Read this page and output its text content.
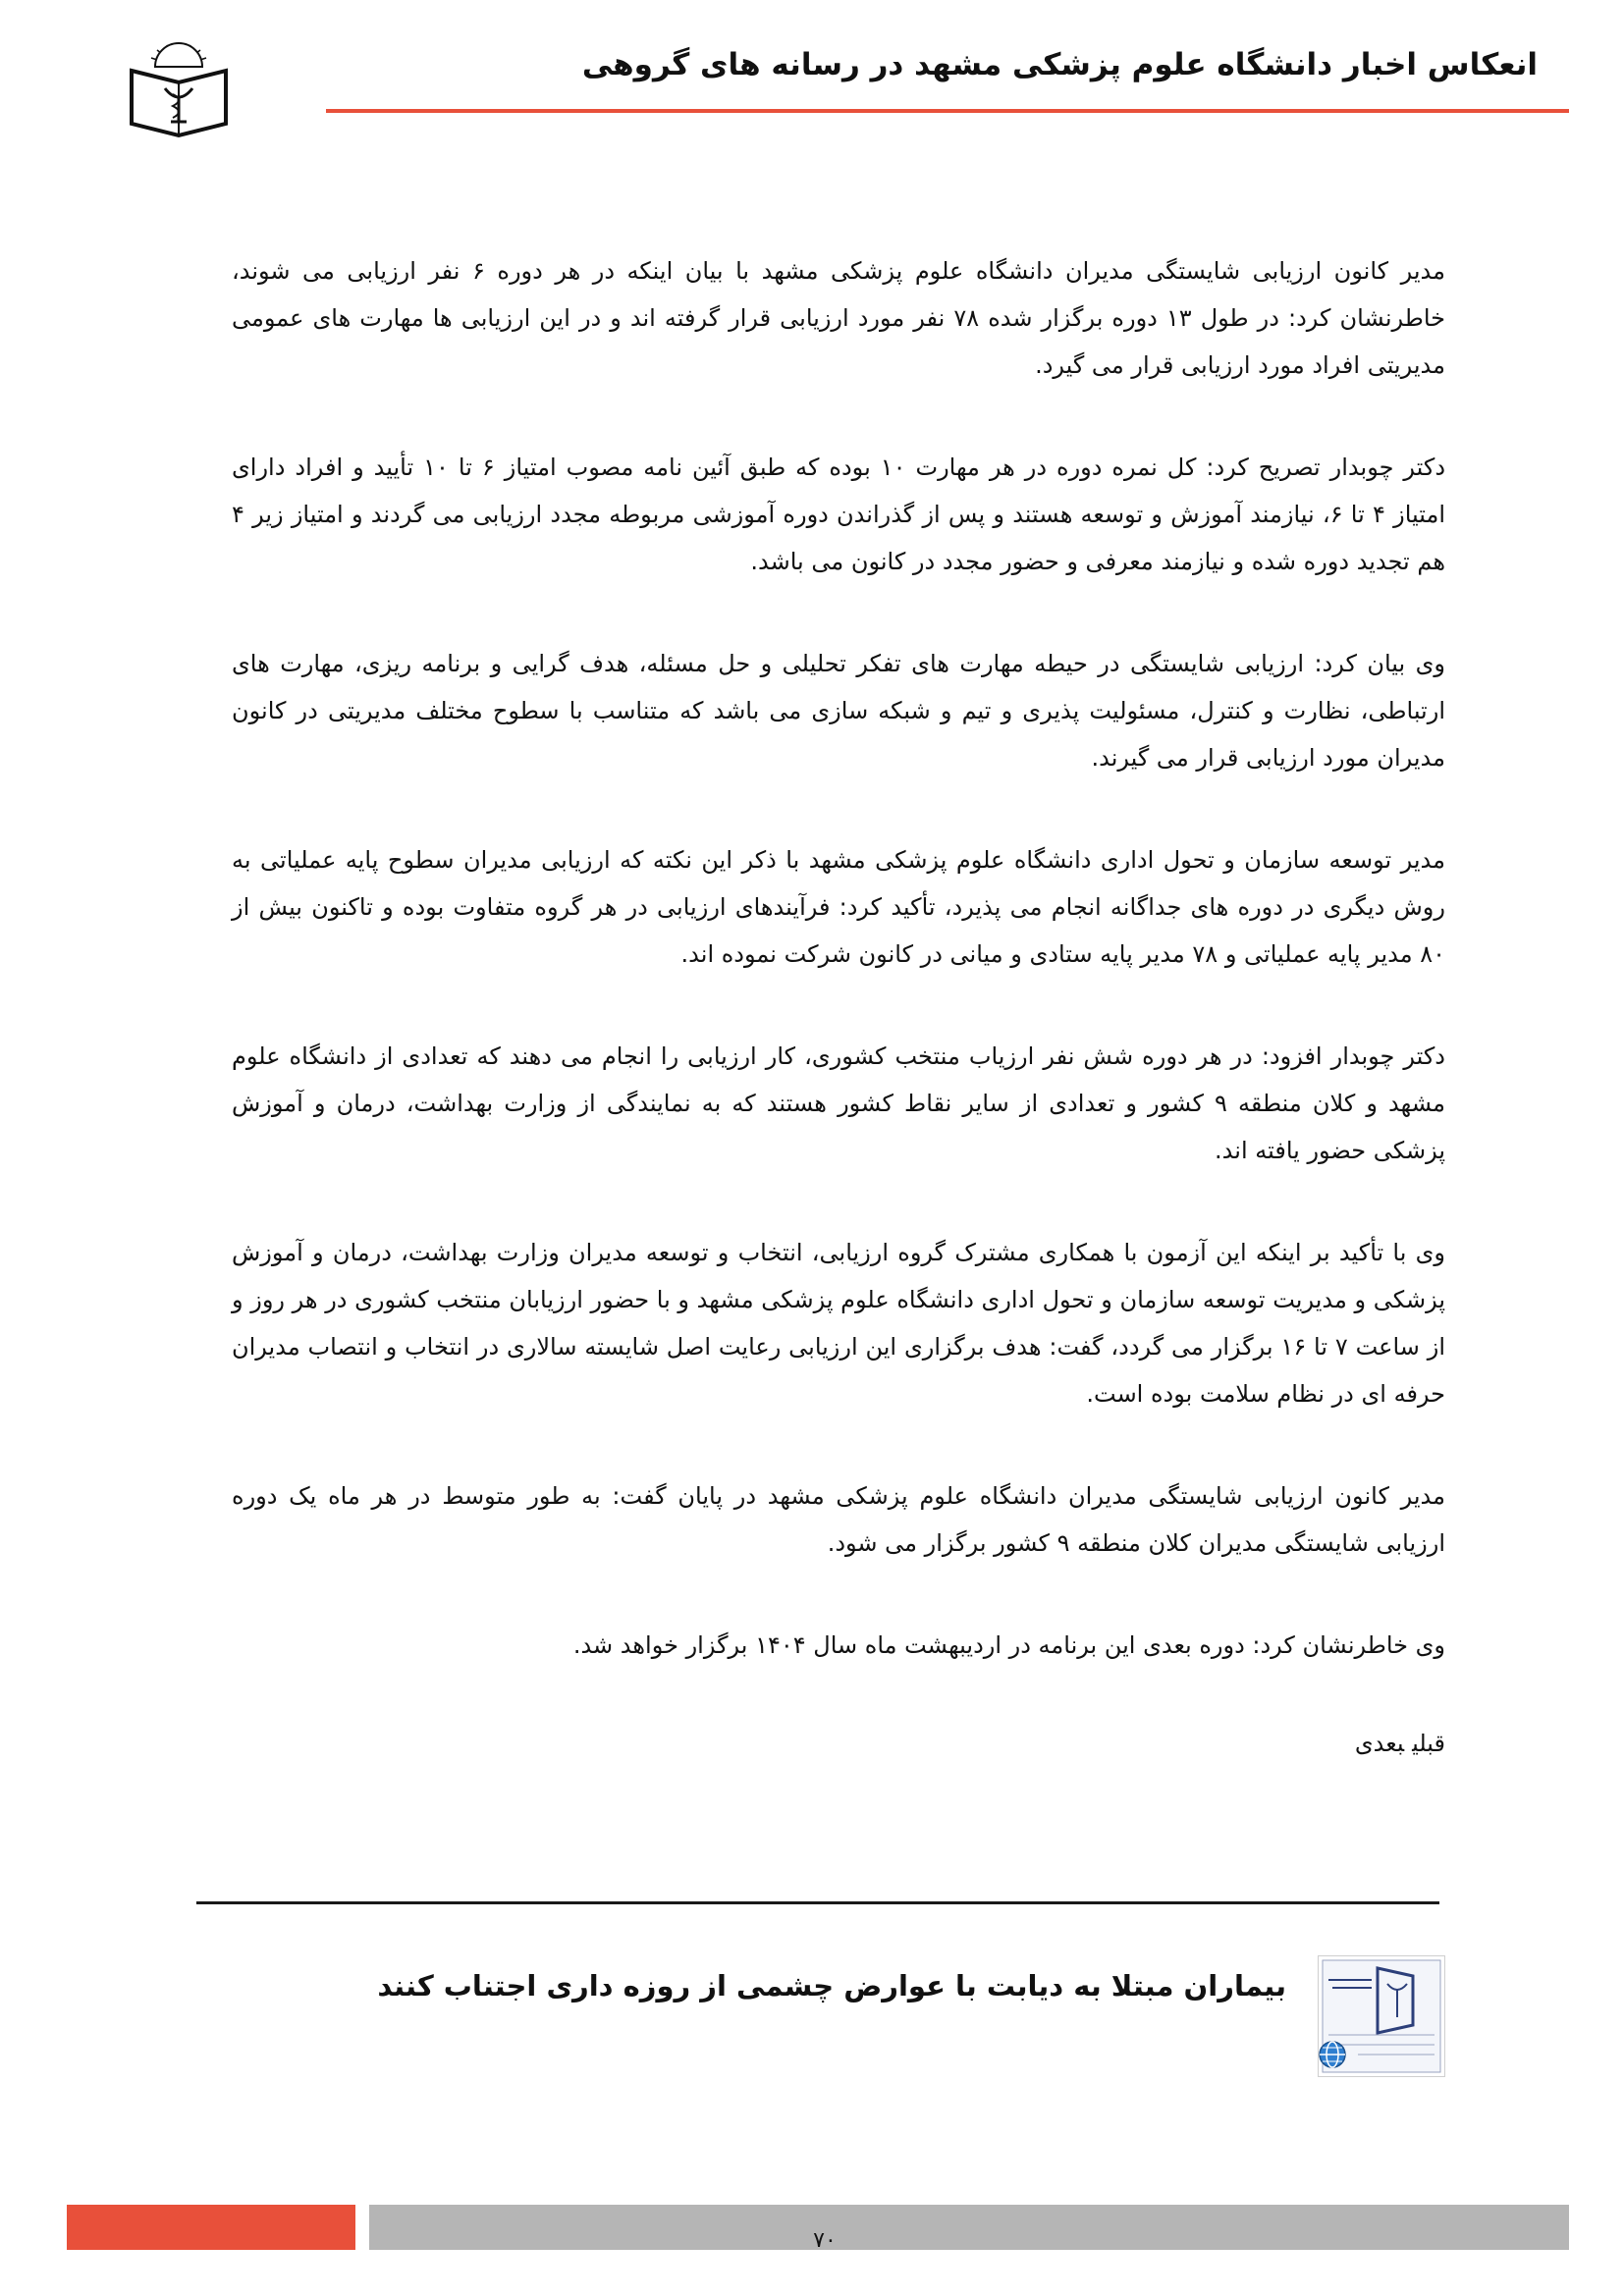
انعکاس اخبار دانشگاه علوم پزشکی مشهد در رسانه های گروهی

مدیر کانون ارزیابی شایستگی مدیران دانشگاه علوم پزشکی مشهد با بیان اینکه در هر دوره ۶ نفر ارزیابی می شوند، خاطرنشان کرد: در طول ۱۳ دوره برگزار شده ۷۸ نفر مورد ارزیابی قرار گرفته اند و در این ارزیابی ها مهارت های عمومی مدیریتی افراد مورد ارزیابی قرار می گیرد.

دکتر چوبدار تصریح کرد: کل نمره دوره در هر مهارت ۱۰ بوده که طبق آئین نامه مصوب امتیاز ۶ تا ۱۰ تأیید و افراد دارای امتیاز ۴ تا ۶، نیازمند آموزش و توسعه هستند و پس از گذراندن دوره آموزشی مربوطه مجدد ارزیابی می گردند و امتیاز زیر ۴ هم تجدید دوره شده و نیازمند معرفی و حضور مجدد در کانون می باشد.

وی بیان کرد: ارزیابی شایستگی در حیطه مهارت های تفکر تحلیلی و حل مسئله، هدف گرایی و برنامه ریزی، مهارت های ارتباطی، نظارت و کنترل، مسئولیت پذیری و تیم و شبکه سازی می باشد که متناسب با سطوح مختلف مدیریتی در کانون مدیران مورد ارزیابی قرار می گیرند.

مدیر توسعه سازمان و تحول اداری دانشگاه علوم پزشکی مشهد با ذکر این نکته که ارزیابی مدیران سطوح پایه عملیاتی به روش دیگری در دوره های جداگانه انجام می پذیرد، تأکید کرد: فرآیندهای ارزیابی در هر گروه متفاوت بوده و تاکنون بیش از ۸۰ مدیر پایه عملیاتی و ۷۸ مدیر پایه ستادی و میانی در کانون شرکت نموده اند.

دکتر چوبدار افزود: در هر دوره شش نفر ارزیاب منتخب کشوری، کار ارزیابی را انجام می دهند که تعدادی از دانشگاه علوم مشهد و کلان منطقه ۹ کشور و تعدادی از سایر نقاط کشور هستند که به نمایندگی از وزارت بهداشت، درمان و آموزش پزشکی حضور یافته اند.

وی با تأکید بر اینکه این آزمون با همکاری مشترک گروه ارزیابی، انتخاب و توسعه مدیران وزارت بهداشت، درمان و آموزش پزشکی و مدیریت توسعه سازمان و تحول اداری دانشگاه علوم پزشکی مشهد و با حضور ارزیابان منتخب کشوری در هر روز و از ساعت ۷ تا ۱۶ برگزار می گردد، گفت: هدف برگزاری این ارزیابی رعایت اصل شایسته سالاری در انتخاب و انتصاب مدیران حرفه ای در نظام سلامت بوده است.

مدیر کانون ارزیابی شایستگی مدیران دانشگاه علوم پزشکی مشهد در پایان گفت: به طور متوسط در هر ماه یک دوره ارزیابی شایستگی مدیران کلان منطقه ۹ کشور برگزار می شود.

وی خاطرنشان کرد: دوره بعدی این برنامه در اردیبهشت ماه سال ۱۴۰۴ برگزار خواهد شد.

قبلیبعدی
بیماران مبتلا به دیابت با عوارض چشمی از روزه داری اجتناب کنند
۷۰
